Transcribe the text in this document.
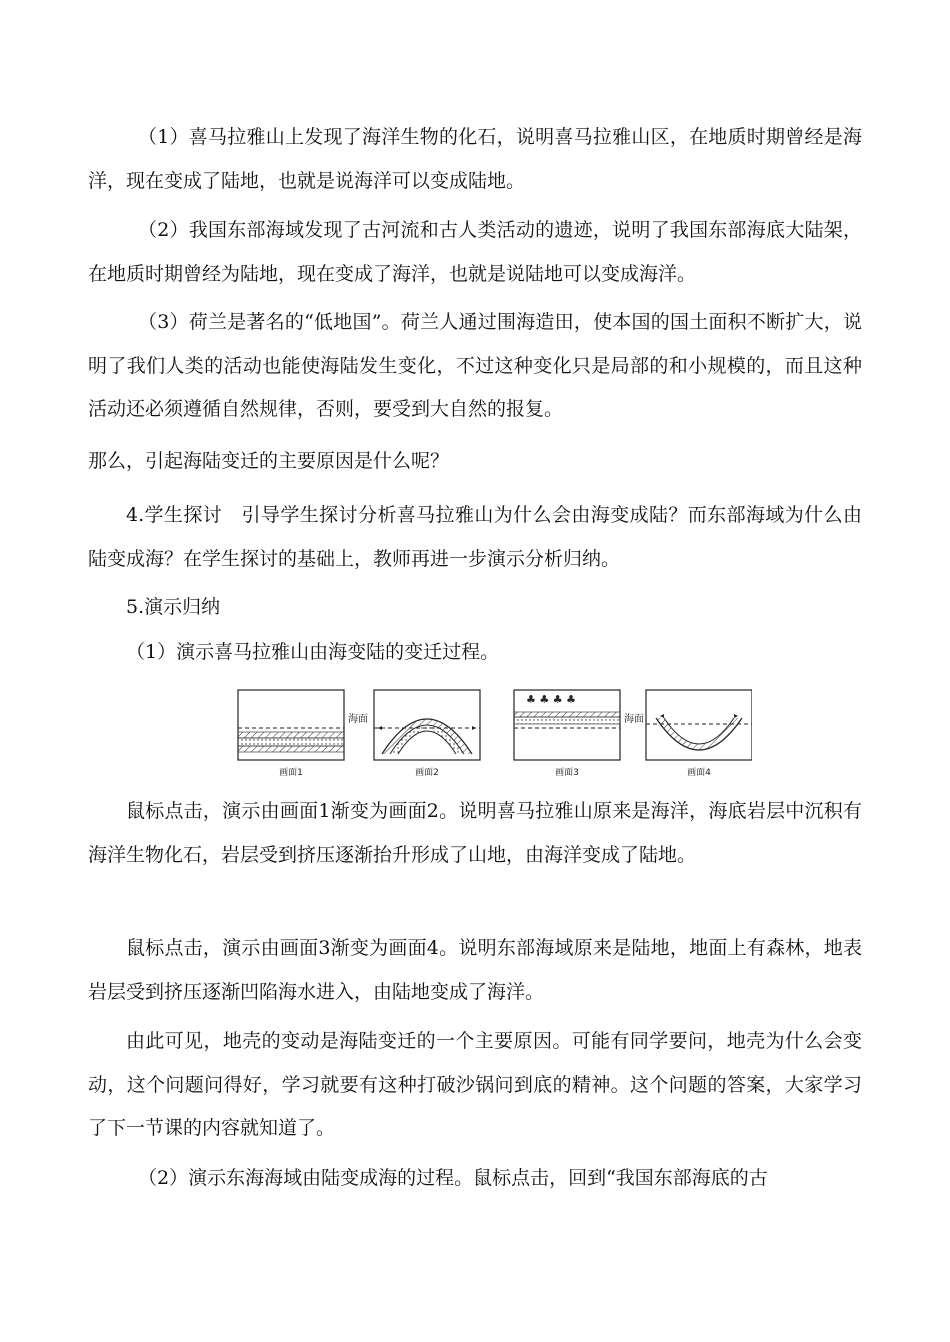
（1）喜马拉雅山上发现了海洋生物的化石，说明喜马拉雅山区，在地质时期曾经是海洋，现在变成了陆地，也就是说海洋可以变成陆地。

（2）我国东部海域发现了古河流和古人类活动的遗迹，说明了我国东部海底大陆架，在地质时期曾经为陆地，现在变成了海洋，也就是说陆地可以变成海洋。

（3）荷兰是著名的“低地国”。荷兰人通过围海造田，使本国的国土面积不断扩大，说明了我们人类的活动也能使海陆发生变化，不过这种变化只是局部的和小规模的，而且这种活动还必须遵循自然规律，否则，要受到大自然的报复。

那么，引起海陆变迁的主要原因是什么呢？

4.学生探讨　引导学生探讨分析喜马拉雅山为什么会由海变成陆？而东部海域为什么由陆变成海？在学生探讨的基础上，教师再进一步演示分析归纳。

5.演示归纳

（1）演示喜马拉雅山由海变陆的变迁过程。

♣ ♣ ♣ ♣
海面	海面
画面1	画面2	画面3	画面4

鼠标点击，演示由画面1渐变为画面2。说明喜马拉雅山原来是海洋，海底岩层中沉积有海洋生物化石，岩层受到挤压逐渐抬升形成了山地，由海洋变成了陆地。

鼠标点击，演示由画面3渐变为画面4。说明东部海域原来是陆地，地面上有森林，地表岩层受到挤压逐渐凹陷海水进入，由陆地变成了海洋。

由此可见，地壳的变动是海陆变迁的一个主要原因。可能有同学要问，地壳为什么会变动，这个问题问得好，学习就要有这种打破沙锅问到底的精神。这个问题的答案，大家学习了下一节课的内容就知道了。

（2）演示东海海域由陆变成海的过程。鼠标点击，回到“我国东部海底的古
